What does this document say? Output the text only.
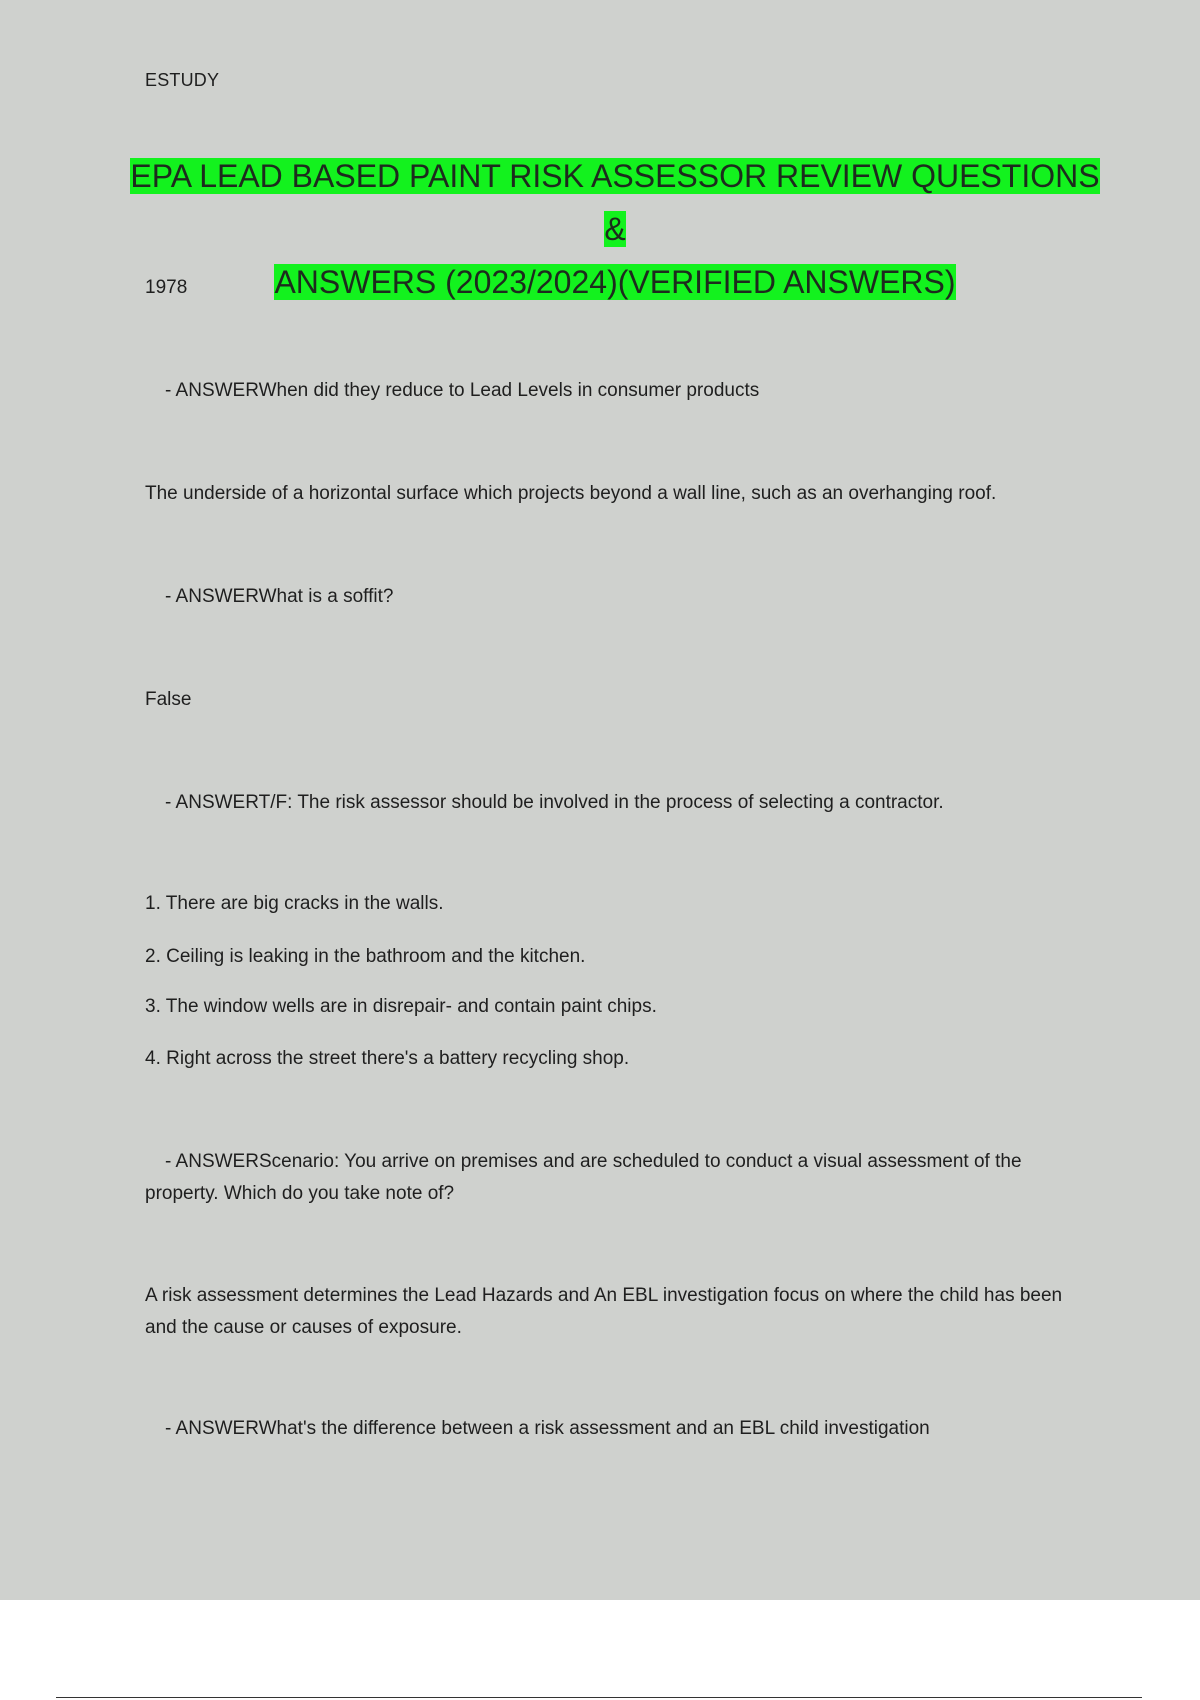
ESTUDY
EPA LEAD BASED PAINT RISK ASSESSOR REVIEW QUESTIONS &
ANSWERS (2023/2024)(VERIFIED ANSWERS)
1978
- ANSWERWhen did they reduce to Lead Levels in consumer products
The underside of a horizontal surface which projects beyond a wall line, such as an overhanging roof.
- ANSWERWhat is a soffit?
False
- ANSWERT/F: The risk assessor should be involved in the process of selecting a contractor.
1. There are big cracks in the walls.
2. Ceiling is leaking in the bathroom and the kitchen.
3. The window wells are in disrepair- and contain paint chips.
4. Right across the street there's a battery recycling shop.
- ANSWERScenario: You arrive on premises and are scheduled to conduct a visual assessment of the property. Which do you take note of?
A risk assessment determines the Lead Hazards and An EBL investigation focus on where the child has been and the cause or causes of exposure.
- ANSWERWhat's the difference between a risk assessment and an EBL child investigation
